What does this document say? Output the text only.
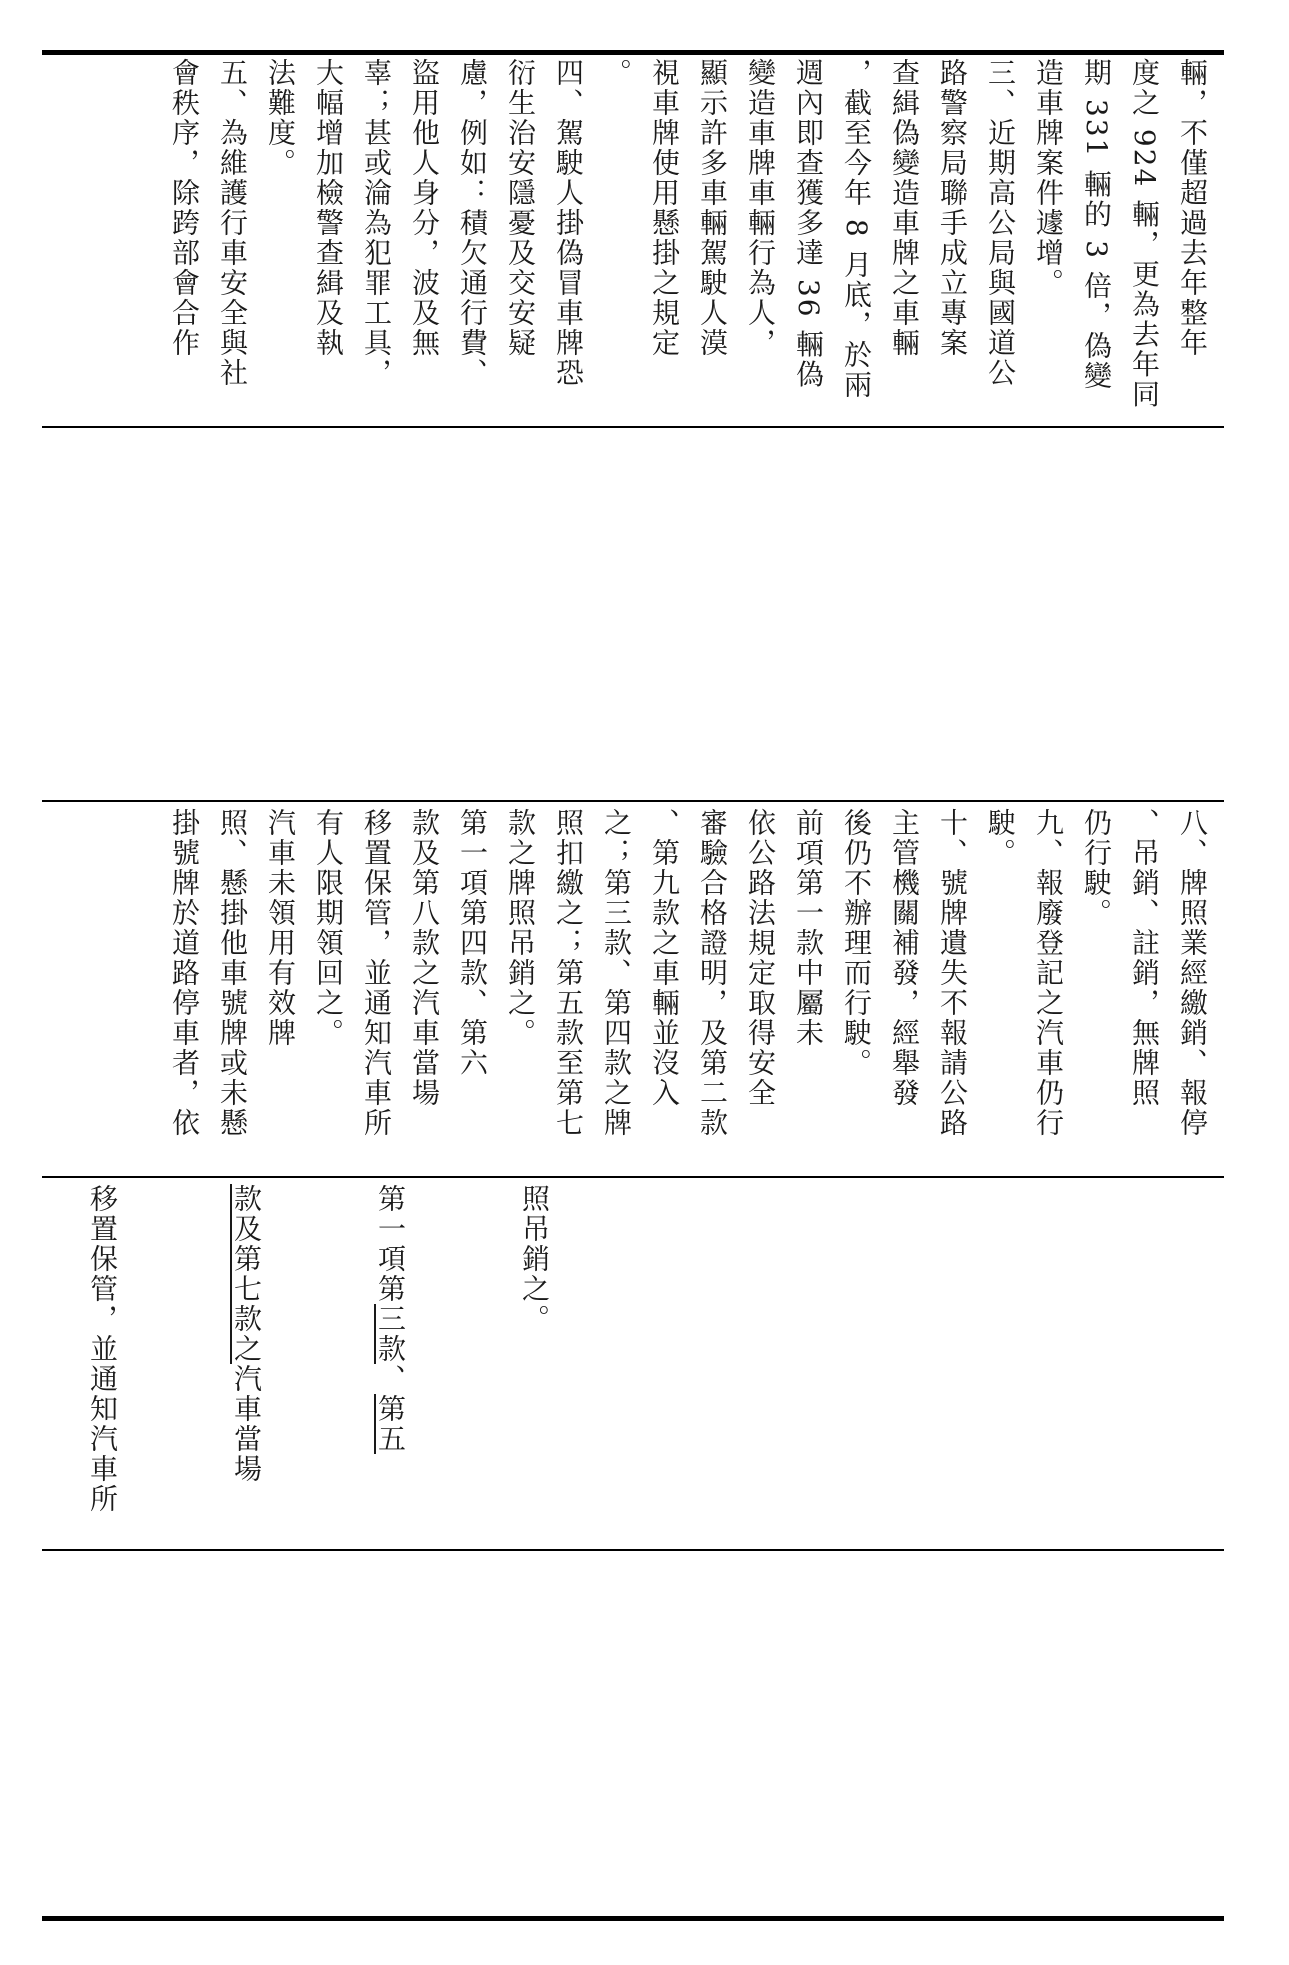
輛，不僅超過去年整年

度之 924 輛，更為去年同

期 331 輛的 3 倍，偽變

造車牌案件遽增。

三、近期高公局與國道公

路警察局聯手成立專案

查緝偽變造車牌之車輛

，截至今年 8 月底，於兩

週內即查獲多達 36 輛偽

變造車牌車輛行為人，

顯示許多車輛駕駛人漠

視車牌使用懸掛之規定

。

四、駕駛人掛偽冒車牌恐

衍生治安隱憂及交安疑

慮，例如：積欠通行費、

盜用他人身分，波及無

辜；甚或淪為犯罪工具，

大幅增加檢警查緝及執

法難度。

五、為維護行車安全與社

會秩序，除跨部會合作

八、牌照業經繳銷、報停

、吊銷、註銷，無牌照

仍行駛。

九、報廢登記之汽車仍行

駛。

十、號牌遺失不報請公路

主管機關補發，經舉發

後仍不辦理而行駛。

前項第一款中屬未

依公路法規定取得安全

審驗合格證明，及第二款

、第九款之車輛並沒入

之；第三款、第四款之牌

照扣繳之；第五款至第七

款之牌照吊銷之。

第一項第四款、第六

款及第八款之汽車當場

移置保管，並通知汽車所

有人限期領回之。

汽車未領用有效牌

照、懸掛他車號牌或未懸

掛號牌於道路停車者，依

照吊銷之。

第一項第三款、第五

款及第七款之汽車當場

移置保管，並通知汽車所
